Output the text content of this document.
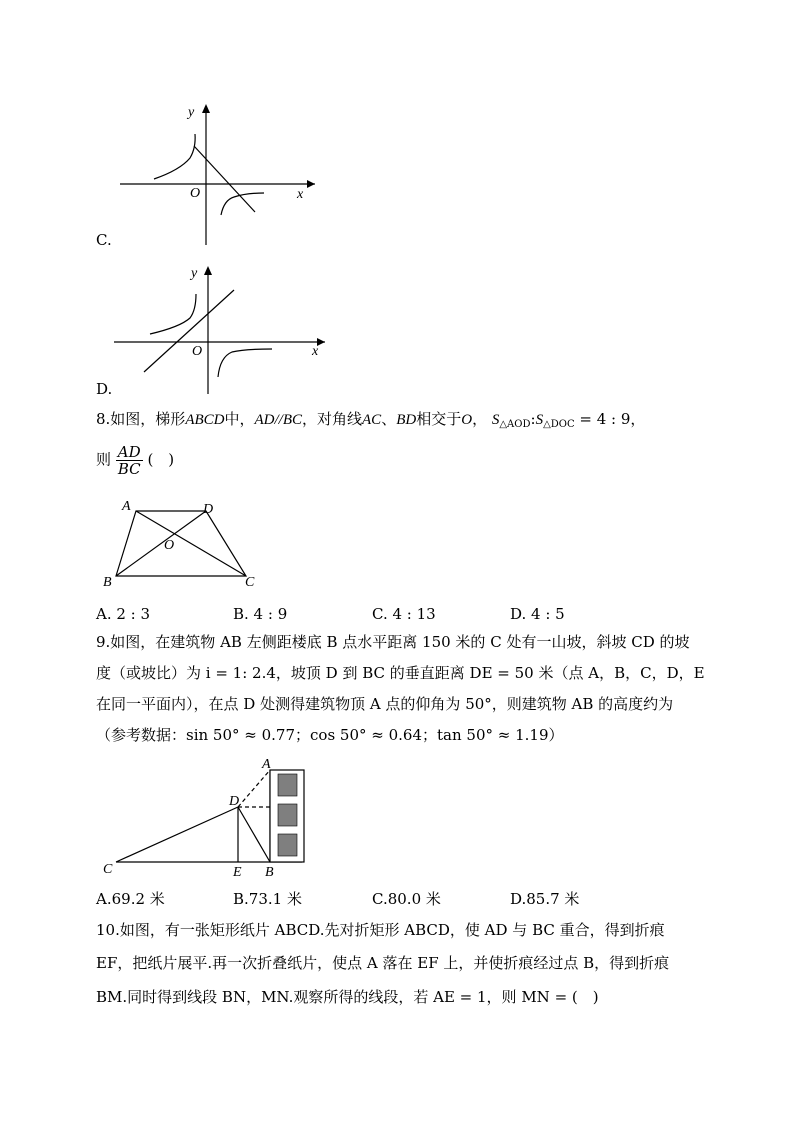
y
O	x
C.
y
O	x
D.
8.如图，梯形ABCD中，AD//BC，对角线AC、BD相交于O， $S_{\triangle AOD}:S_{\triangle DOC} = 4$ : 9，
则 $\frac{AD}{BC}$ (　)
A	D
O
B	C
A. 2 : 3	B. 4 : 9	C. 4 : 13	D. 4 : 5
9.如图，在建筑物 AB 左侧距楼底 B 点水平距离 150 米的 C 处有一山坡，斜坡 CD 的坡
度（或坡比）为 i = 1: 2.4，坡顶 D 到 BC 的垂直距离 DE = 50 米（点 A，B，C，D，E
在同一平面内），在点 D 处测得建筑物顶 A 点的仰角为 50°，则建筑物 AB 的高度约为
（参考数据：sin 50° ≈ 0.77；cos 50° ≈ 0.64；tan 50° ≈ 1.19）
A
D
C	E B
A.69.2 米	B.73.1 米	C.80.0 米	D.85.7 米
10.如图，有一张矩形纸片 ABCD.先对折矩形 ABCD，使 AD 与 BC 重合，得到折痕
EF，把纸片展平.再一次折叠纸片，使点 A 落在 EF 上，并使折痕经过点 B，得到折痕
BM.同时得到线段 BN，MN.观察所得的线段，若 AE = 1，则 MN = (　)
